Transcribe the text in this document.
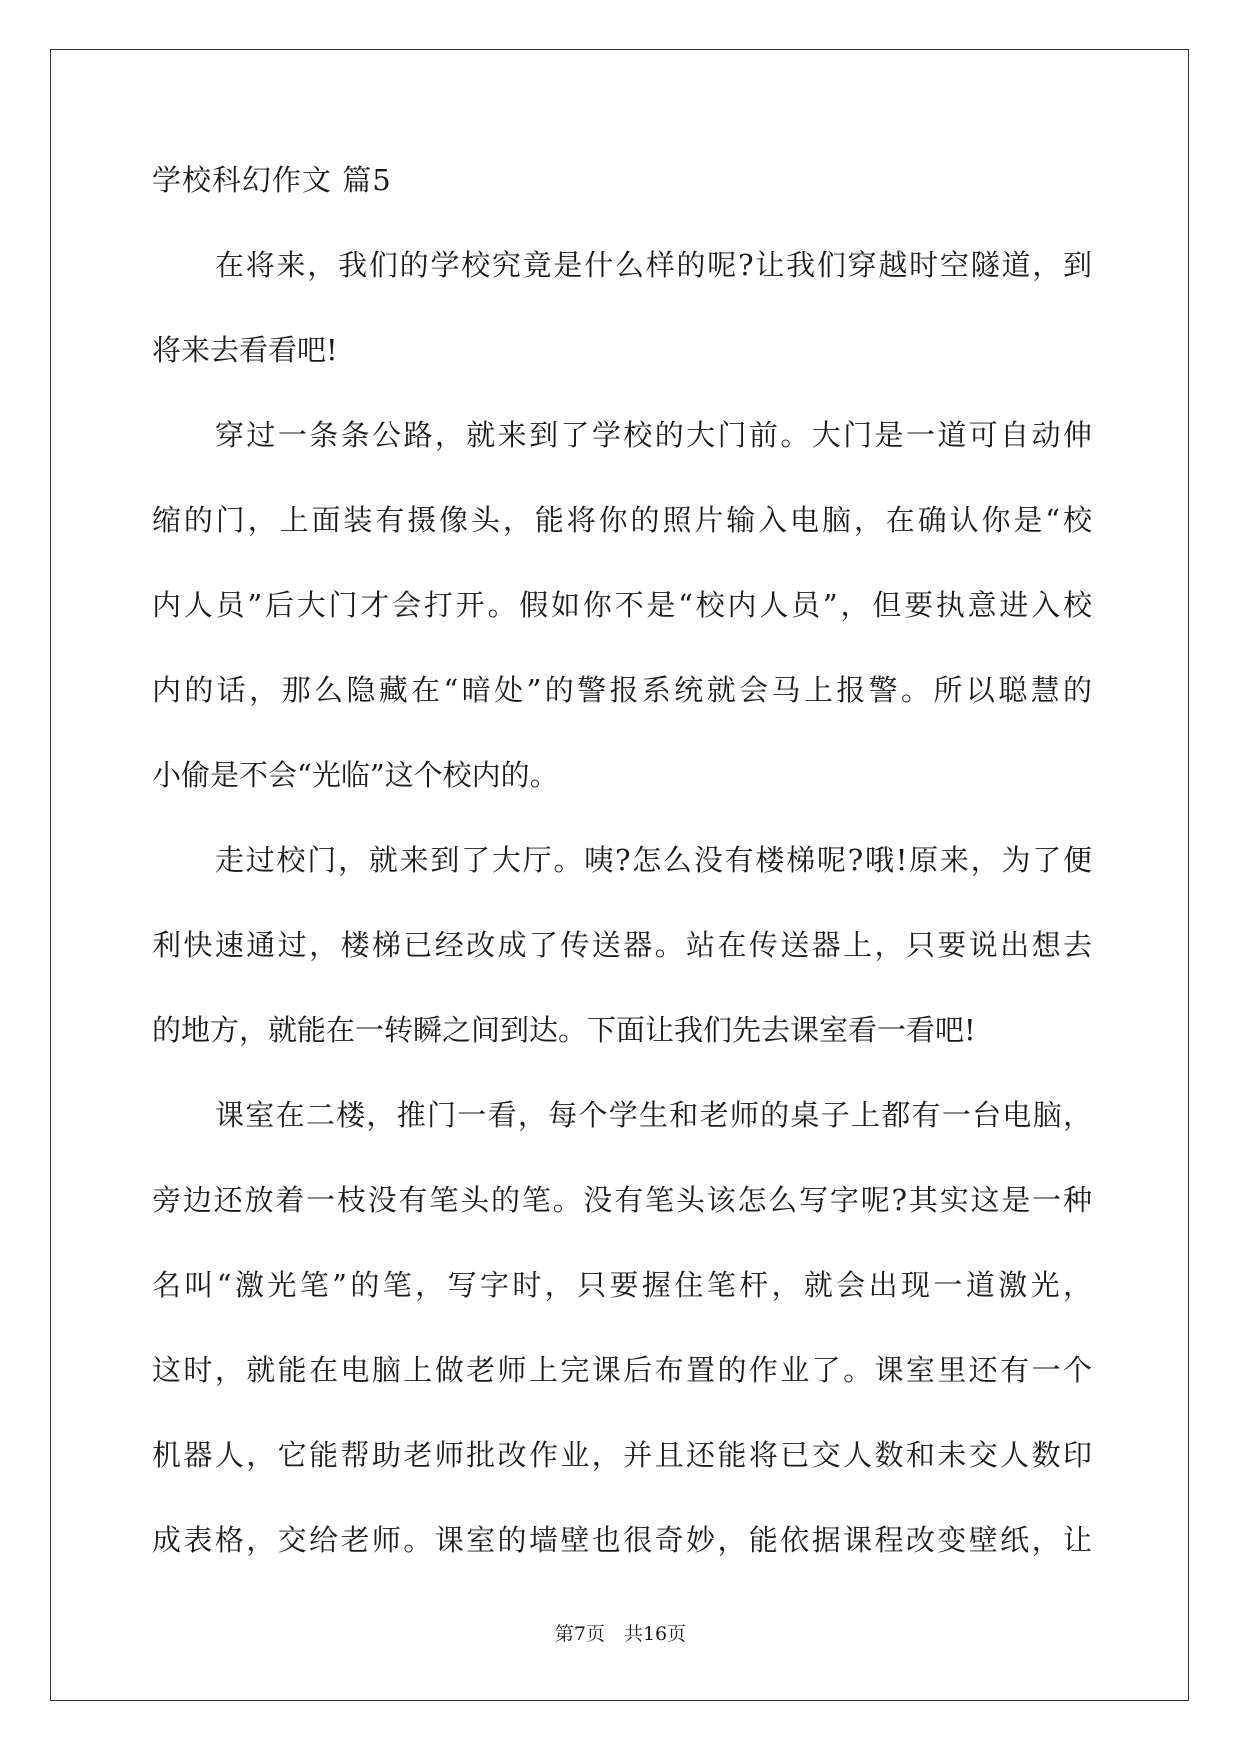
学校科幻作文 篇5
在将来，我们的学校究竟是什么样的呢?让我们穿越时空隧道，到
将来去看看吧!
穿过一条条公路，就来到了学校的大门前。大门是一道可自动伸
缩的门，上面装有摄像头，能将你的照片输入电脑，在确认你是“校
内人员”后大门才会打开。假如你不是“校内人员”，但要执意进入校
内的话，那么隐藏在“暗处”的警报系统就会马上报警。所以聪慧的
小偷是不会“光临”这个校内的。
走过校门，就来到了大厅。咦?怎么没有楼梯呢?哦!原来，为了便
利快速通过，楼梯已经改成了传送器。站在传送器上，只要说出想去
的地方，就能在一转瞬之间到达。下面让我们先去课室看一看吧!
课室在二楼，推门一看，每个学生和老师的桌子上都有一台电脑，
旁边还放着一枝没有笔头的笔。没有笔头该怎么写字呢?其实这是一种
名叫“激光笔”的笔，写字时，只要握住笔杆，就会出现一道激光，
这时，就能在电脑上做老师上完课后布置的作业了。课室里还有一个
机器人，它能帮助老师批改作业，并且还能将已交人数和未交人数印
成表格，交给老师。课室的墙壁也很奇妙，能依据课程改变壁纸，让
第7页　共16页
